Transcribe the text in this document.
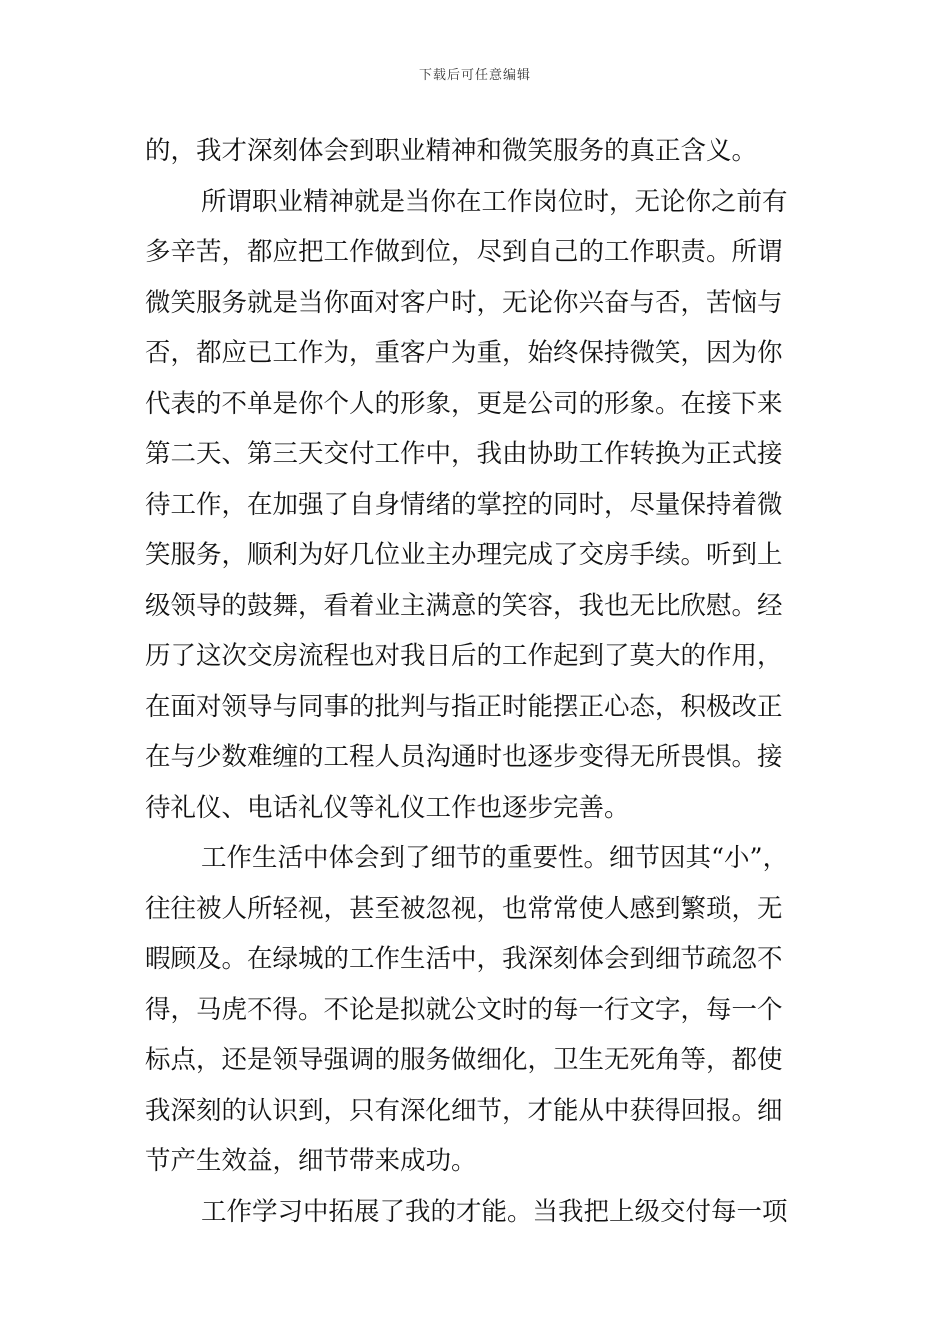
下载后可任意编辑
的，我才深刻体会到职业精神和微笑服务的真正含义。
所谓职业精神就是当你在工作岗位时，无论你之前有
多辛苦，都应把工作做到位，尽到自己的工作职责。所谓
微笑服务就是当你面对客户时，无论你兴奋与否，苦恼与
否，都应已工作为，重客户为重，始终保持微笑，因为你
代表的不单是你个人的形象，更是公司的形象。在接下来
第二天、第三天交付工作中，我由协助工作转换为正式接
待工作，在加强了自身情绪的掌控的同时，尽量保持着微
笑服务，顺利为好几位业主办理完成了交房手续。听到上
级领导的鼓舞，看着业主满意的笑容，我也无比欣慰。经
历了这次交房流程也对我日后的工作起到了莫大的作用，
在面对领导与同事的批判与指正时能摆正心态，积极改正
在与少数难缠的工程人员沟通时也逐步变得无所畏惧。接
待礼仪、电话礼仪等礼仪工作也逐步完善。
工作生活中体会到了细节的重要性。细节因其“小”，
往往被人所轻视，甚至被忽视，也常常使人感到繁琐，无
暇顾及。在绿城的工作生活中，我深刻体会到细节疏忽不
得，马虎不得。不论是拟就公文时的每一行文字，每一个
标点，还是领导强调的服务做细化，卫生无死角等，都使
我深刻的认识到，只有深化细节，才能从中获得回报。细
节产生效益，细节带来成功。
工作学习中拓展了我的才能。当我把上级交付每一项
